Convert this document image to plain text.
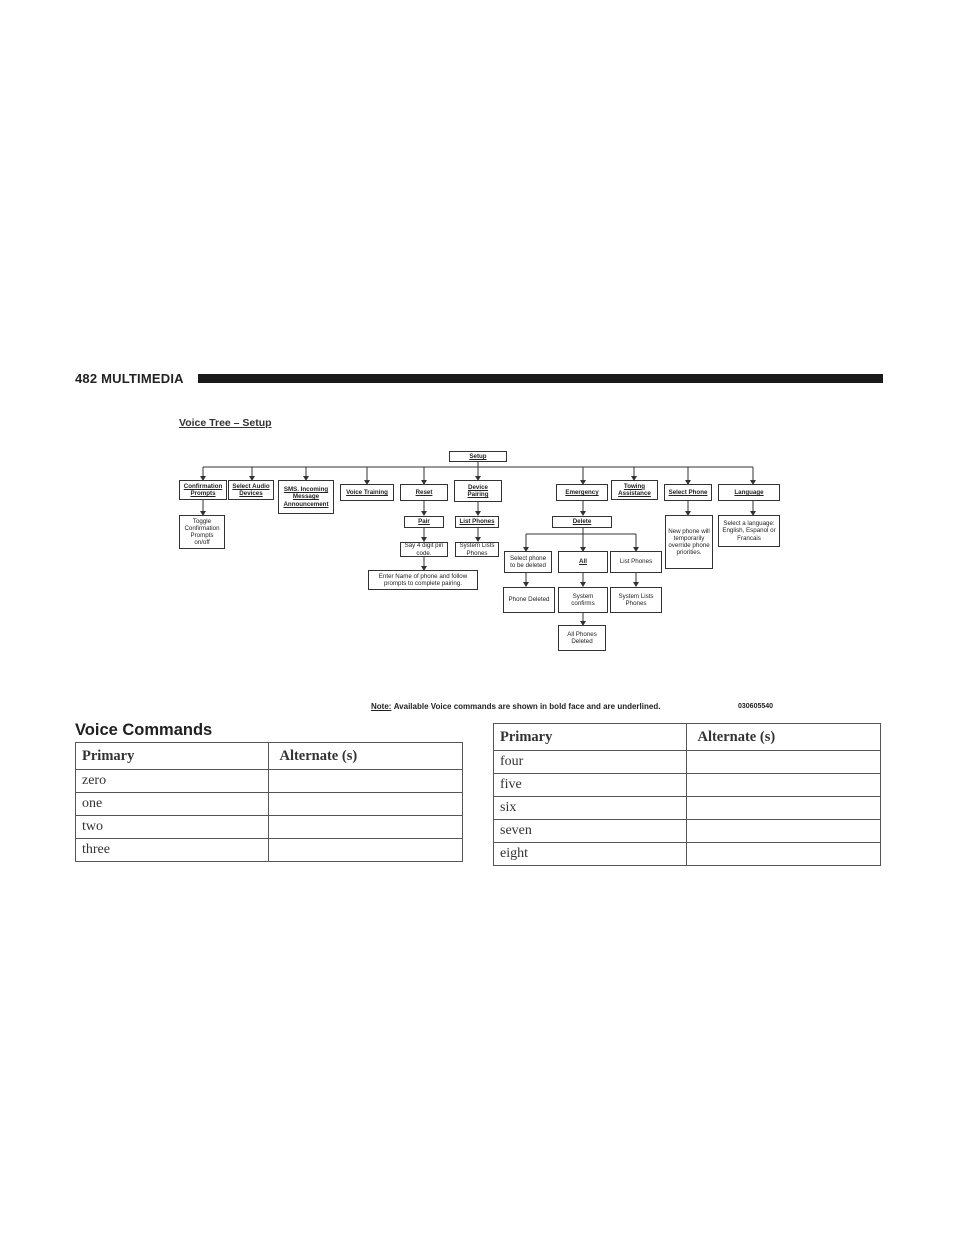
482 MULTIMEDIA
Voice Tree – Setup
Setup
Confirmation Prompts
Select Audio Devices
SMS. Incoming Message Announcement
Voice Training	Reset
Device Pairing	Emergency
Towing Assistance	Select Phone	Language
Toggle Confirmation Prompts on/off
Pair	List Phones	Delete
New phone will temporarily override phone priorities.
Select a language: English, Espanol or Francais
Say 4 digit pin code.
System Lists Phones
Select phone to be deleted
All	List Phones
Enter Name of phone and follow prompts to complete pairing.
Phone Deleted
System confirms
System Lists Phones
All Phones Deleted
Note: Available Voice commands are shown in bold face and are underlined.	030605540
Voice Commands
Primary	Alternate (s)
zero	
one	
two	
three	
Primary	Alternate (s)
four	
five	
six	
seven	
eight	
